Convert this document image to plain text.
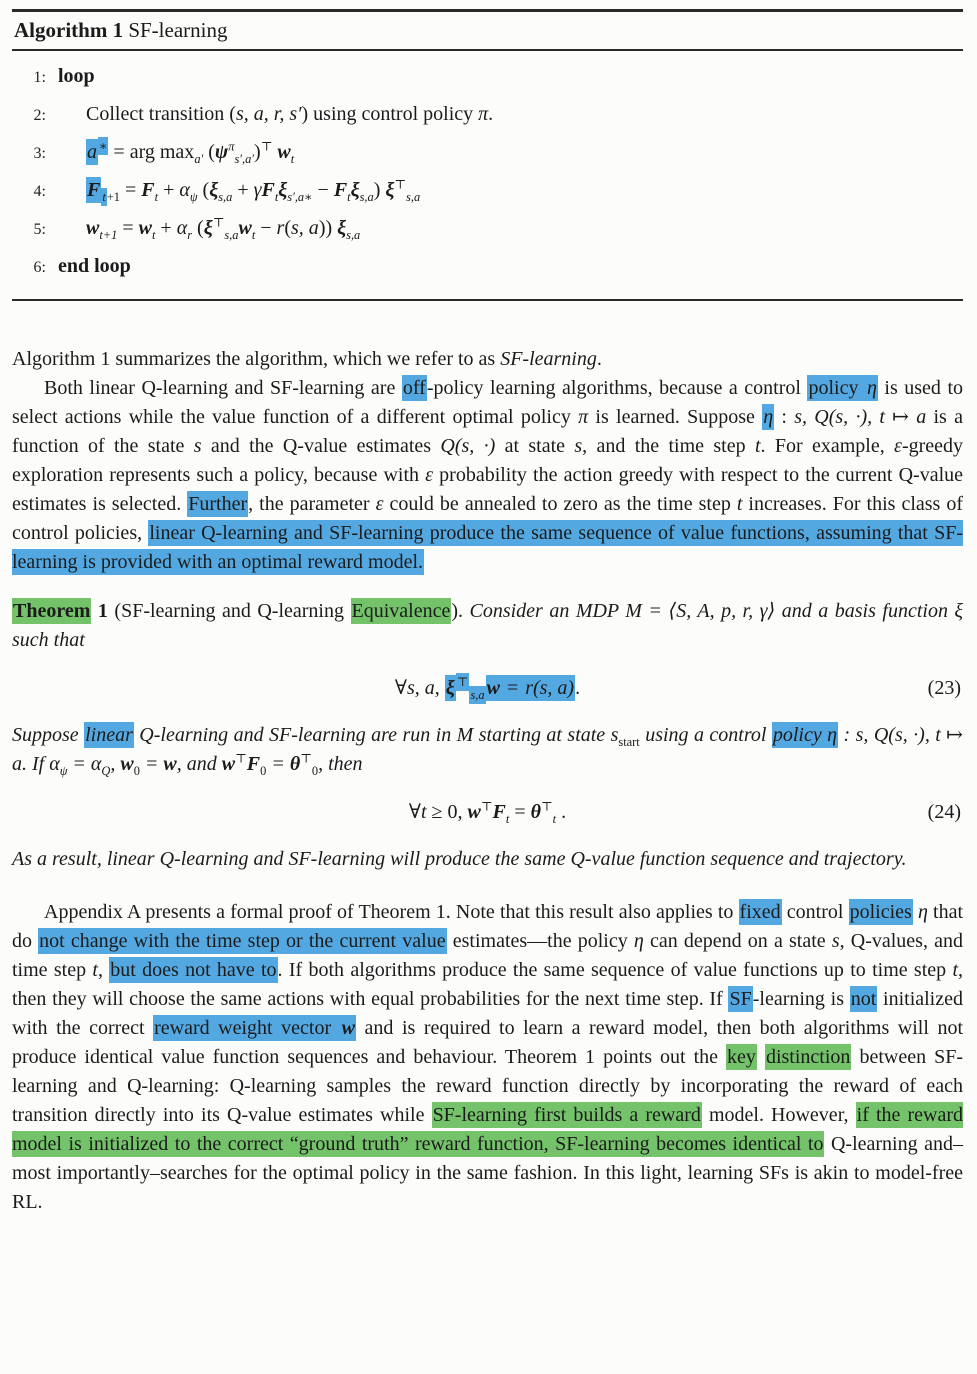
Algorithm 1 SF-learning
1: loop
2: Collect transition (s, a, r, s′) using control policy π.
3: a ∗ = arg $\max_{a'} (\psi^\pi_{s',a'})^⊤$ $w_t$
4: F $_{t+1} = F_t + \alpha_\psi$ $(\xi_{s,a} + \gamma F_t\xi_{s',a∗} - F_t\xi_{s,a})$ $\xi^⊤_{s,a}$
5: $w_{t+1} = w_t + \alpha_r$ ($\xi^⊤_{s,a}w_t - r(s$, a)) $\xi_{s,a}$
6: end loop

Algorithm 1 summarizes the algorithm, which we refer to as SF-learning.

Both linear Q-learning and SF-learning are off-policy learning algorithms, because a control policy η is used to select actions while the value function of a different optimal policy π is learned. Suppose η : s, Q(s, ·), t ↦ a is a function of the state s and the Q-value estimates Q(s, ·) at state s, and the time step t. For example, ε-greedy exploration represents such a policy, because with ε probability the action greedy with respect to the current Q-value estimates is selected. Further, the parameter ε could be annealed to zero as the time step t increases. For this class of control policies, linear Q-learning and SF-learning produce the same sequence of value functions, assuming that SF-learning is provided with an optimal reward model.

Theorem 1 (SF-learning and Q-learning Equivalence). Consider an MDP M = ⟨S, A, p, r, γ⟩ and a basis function ξ such that

∀s, a, ξ ⊤$_{s,a}$ w = r(s, a).	(23)

Suppose linear Q-learning and SF-learning are run in M starting at state $s_{start}$ using a control policy η : s, Q(s, ·), t ↦ a. If $\alpha_\psi = \alpha_Q$, $w_0 = w$, and $w^⊤F_0 = \theta^⊤_0$, then

∀t ≥ 0, $w^⊤F_t = \theta^⊤_t$ .	(24)

As a result, linear Q-learning and SF-learning will produce the same Q-value function sequence and trajectory.

Appendix A presents a formal proof of Theorem 1. Note that this result also applies to fixed control policies η that do not change with the time step or the current value estimates—the policy η can depend on a state s, Q-values, and time step t, but does not have to. If both algorithms produce the same sequence of value functions up to time step t, then they will choose the same actions with equal probabilities for the next time step. If SF-learning is not initialized with the correct reward weight vector w and is required to learn a reward model, then both algorithms will not produce identical value function sequences and behaviour. Theorem 1 points out the key distinction between SF-learning and Q-learning: Q-learning samples the reward function directly by incorporating the reward of each transition directly into its Q-value estimates while SF-learning first builds a reward model. However, if the reward model is initialized to the correct “ground truth” reward function, SF-learning becomes identical to Q-learning and–most importantly–searches for the optimal policy in the same fashion. In this light, learning SFs is akin to model-free RL.
